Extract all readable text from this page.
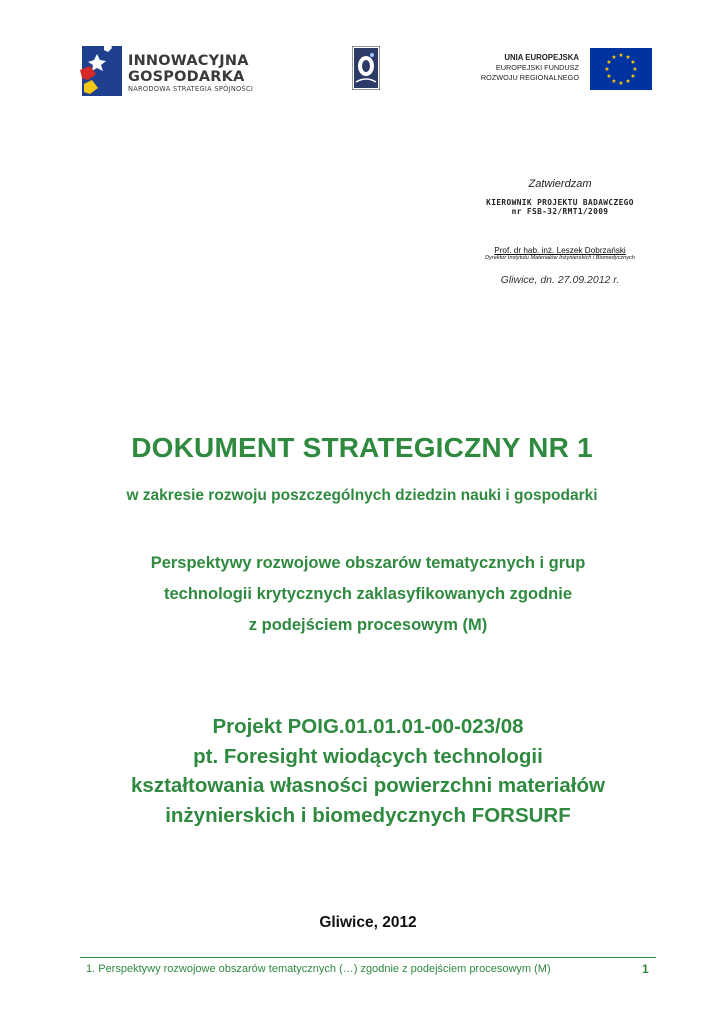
INNOWACYJNA
GOSPODARKA
NARODOWA STRATEGIA SPÓJNOŚCI
UNIA EUROPEJSKA
EUROPEJSKI FUNDUSZ
ROZWOJU REGIONALNEGO
★ ★
★
★
★
★
★
★
★
★
★
★
Zatwierdzam
KIEROWNIK PROJEKTU BADAWCZEGO
nr FSB-32/RMT1/2009
Prof. dr hab. inż. Leszek Dobrzański
Dyrektor Instytutu Materiałów Inżynierskich i Biomedycznych
Gliwice, dn. 27.09.2012 r.
DOKUMENT STRATEGICZNY NR 1
w zakresie rozwoju poszczególnych dziedzin nauki i gospodarki
Perspektywy rozwojowe obszarów tematycznych i grup
technologii krytycznych zaklasyfikowanych zgodnie
z podejściem procesowym (M)
Projekt POIG.01.01.01-00-023/08
pt. Foresight wiodących technologii
kształtowania własności powierzchni materiałów
inżynierskich i biomedycznych FORSURF
Gliwice, 2012
1. Perspektywy rozwojowe obszarów tematycznych (…) zgodnie z podejściem procesowym (M)	1
